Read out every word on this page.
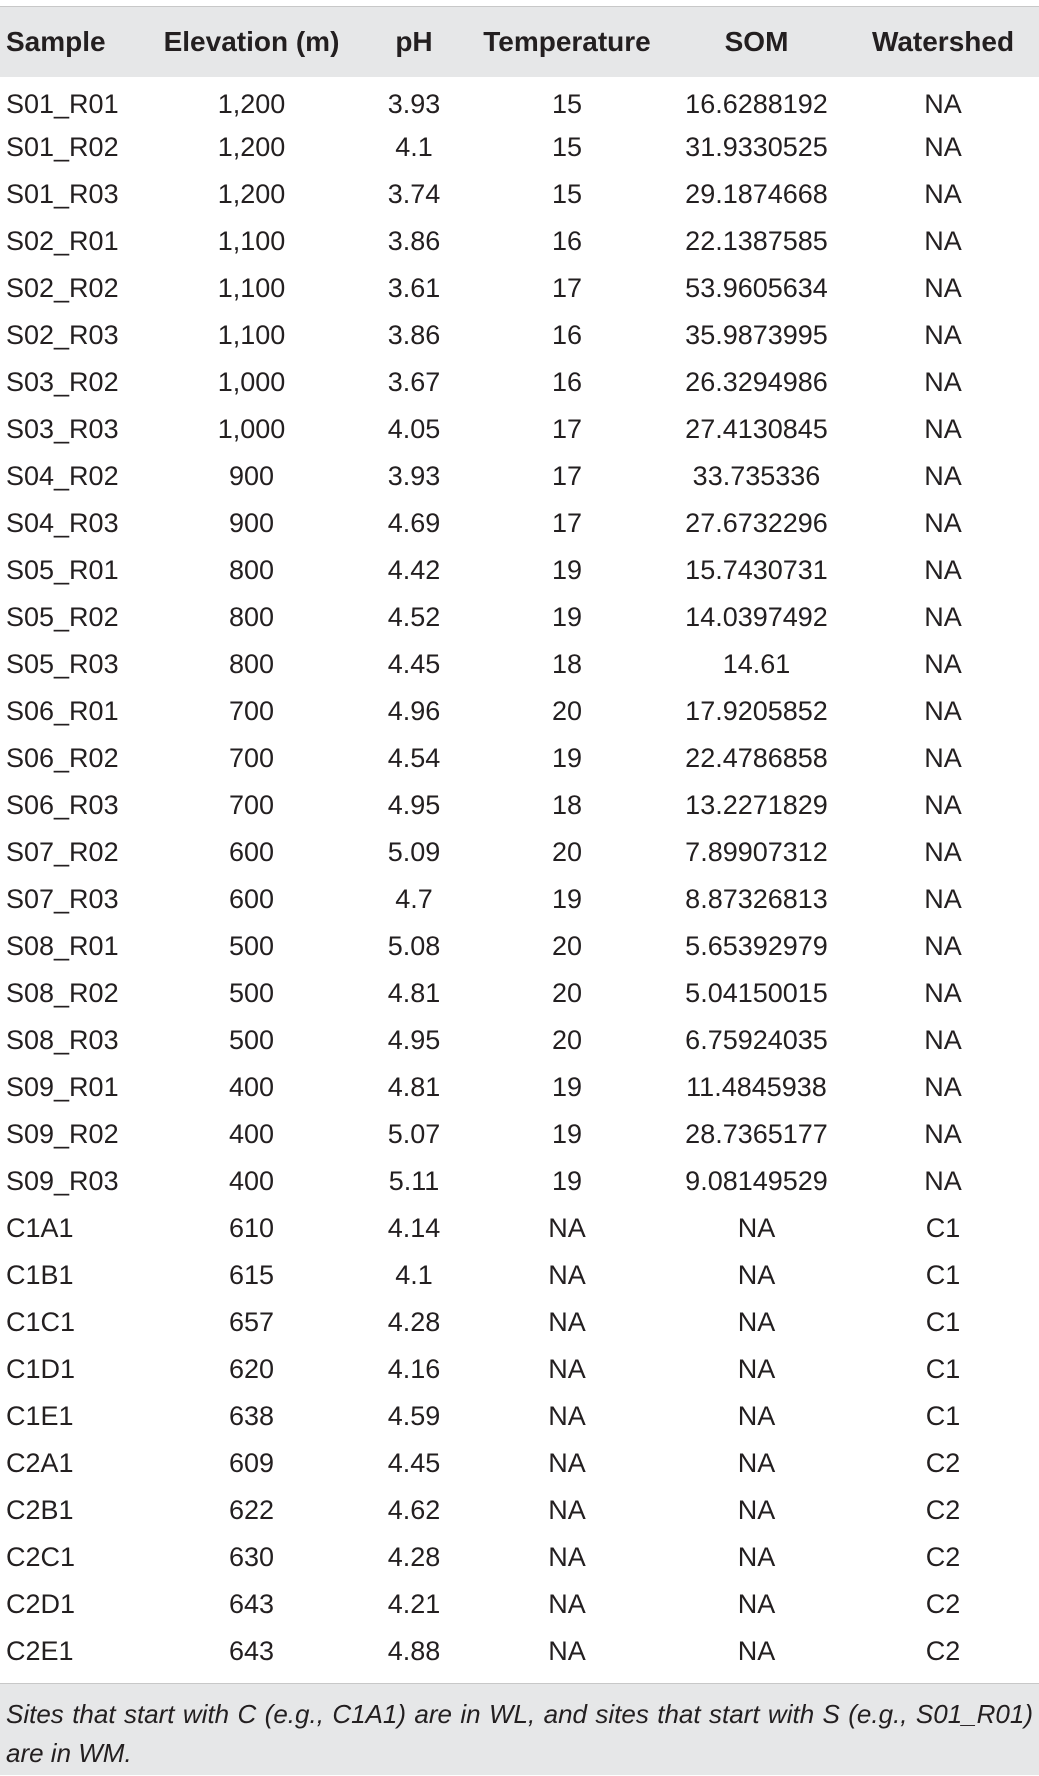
Sample	Elevation (m)	pH	Temperature	SOM	Watershed
S01_R01	1,200	3.93	15	16.6288192	NA
S01_R02	1,200	4.1	15	31.9330525	NA
S01_R03	1,200	3.74	15	29.1874668	NA
S02_R01	1,100	3.86	16	22.1387585	NA
S02_R02	1,100	3.61	17	53.9605634	NA
S02_R03	1,100	3.86	16	35.9873995	NA
S03_R02	1,000	3.67	16	26.3294986	NA
S03_R03	1,000	4.05	17	27.4130845	NA
S04_R02	900	3.93	17	33.735336	NA
S04_R03	900	4.69	17	27.6732296	NA
S05_R01	800	4.42	19	15.7430731	NA
S05_R02	800	4.52	19	14.0397492	NA
S05_R03	800	4.45	18	14.61	NA
S06_R01	700	4.96	20	17.9205852	NA
S06_R02	700	4.54	19	22.4786858	NA
S06_R03	700	4.95	18	13.2271829	NA
S07_R02	600	5.09	20	7.89907312	NA
S07_R03	600	4.7	19	8.87326813	NA
S08_R01	500	5.08	20	5.65392979	NA
S08_R02	500	4.81	20	5.04150015	NA
S08_R03	500	4.95	20	6.75924035	NA
S09_R01	400	4.81	19	11.4845938	NA
S09_R02	400	5.07	19	28.7365177	NA
S09_R03	400	5.11	19	9.08149529	NA
C1A1	610	4.14	NA	NA	C1
C1B1	615	4.1	NA	NA	C1
C1C1	657	4.28	NA	NA	C1
C1D1	620	4.16	NA	NA	C1
C1E1	638	4.59	NA	NA	C1
C2A1	609	4.45	NA	NA	C2
C2B1	622	4.62	NA	NA	C2
C2C1	630	4.28	NA	NA	C2
C2D1	643	4.21	NA	NA	C2
C2E1	643	4.88	NA	NA	C2

Sites that start with C (e.g., C1A1) are in WL, and sites that start with S (e.g., S01_R01) are in WM.
